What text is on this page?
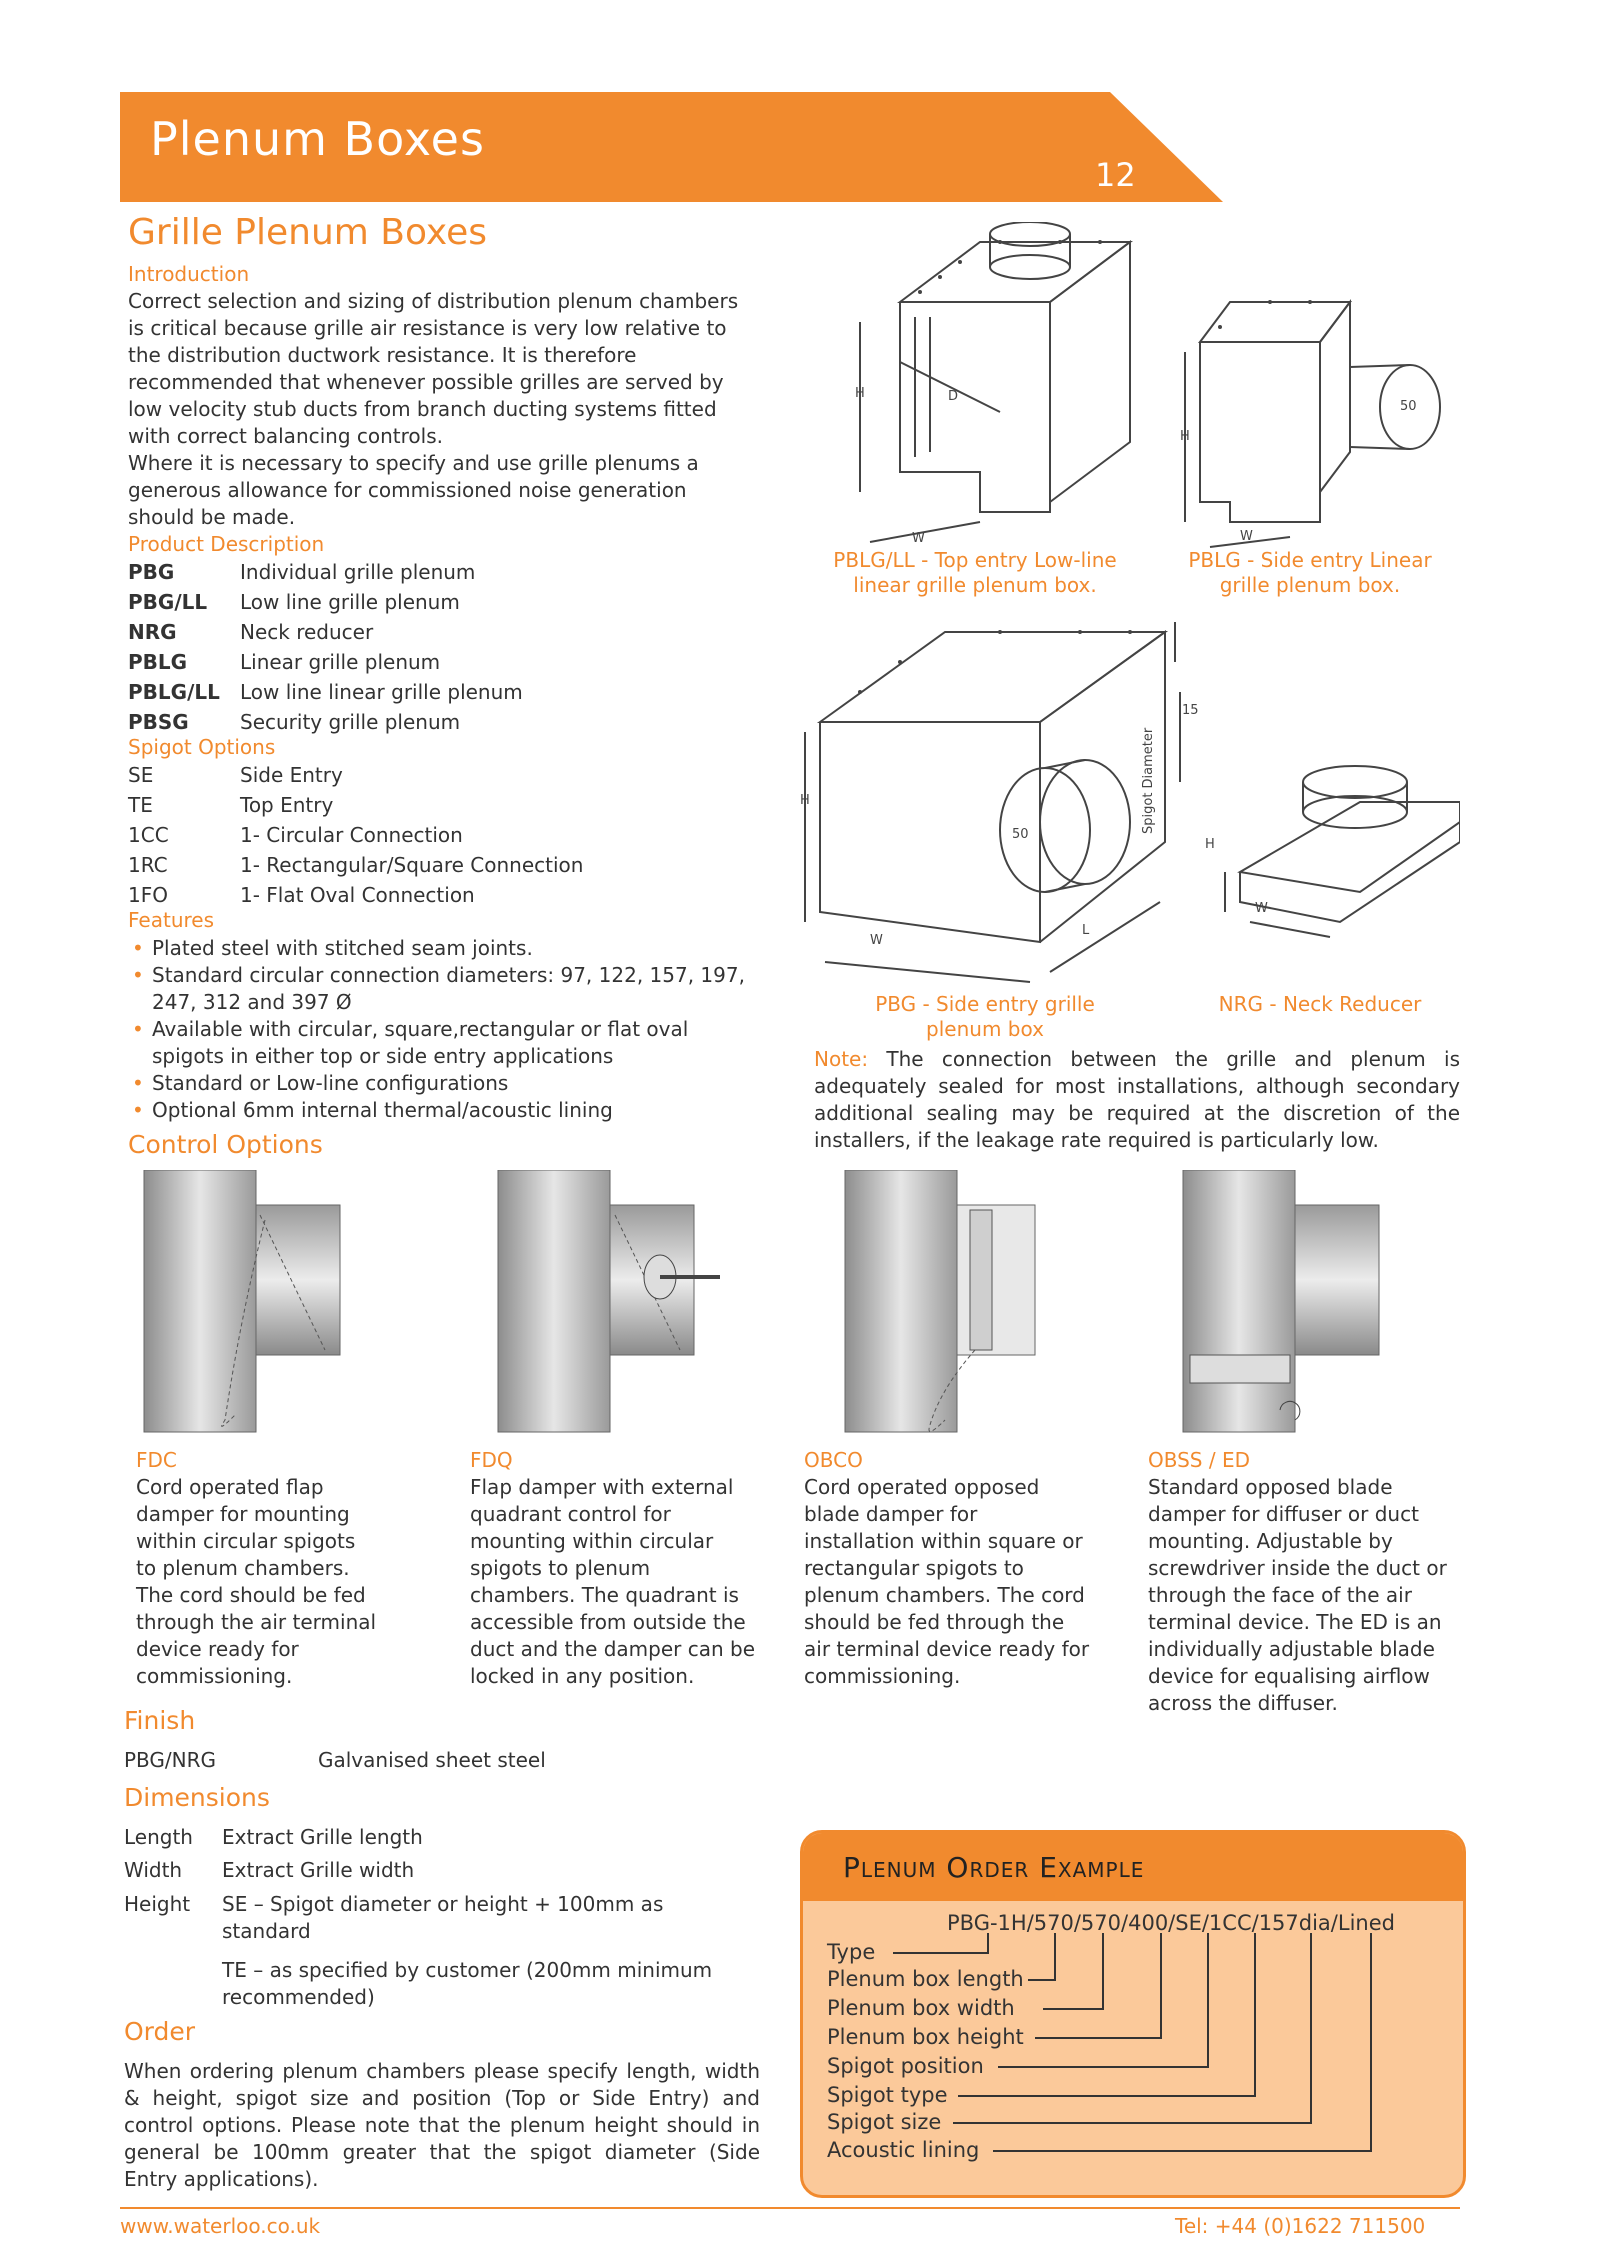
Plenum Boxes
12
Grille Plenum Boxes
Introduction
Correct selection and sizing of distribution plenum chambers is critical because grille air resistance is very low relative to the distribution ductwork resistance. It is therefore recommended that whenever possible grilles are served by low velocity stub ducts from branch ducting systems fitted with correct balancing controls.
Where it is necessary to specify and use grille plenums a generous allowance for commissioned noise generation should be made.
Product Description
PBG	Individual grille plenum
PBG/LL Low line grille plenum
NRG	Neck reducer
PBLG	Linear grille plenum
PBLG/LL Low line linear grille plenum
PBSG	Security grille plenum
Spigot Options
SE	Side Entry
TE	Top Entry
1CC	1- Circular Connection
1RC	1- Rectangular/Square Connection
1FO	1- Flat Oval Connection
Features
• Plated steel with stitched seam joints.
• Standard circular connection diameters: 97, 122, 157, 197, 247, 312 and 397 Ø
• Available with circular, square,rectangular or flat oval spigots in either top or side entry applications
• Standard or Low-line configurations
• Optional 6mm internal thermal/acoustic lining
H	D
W
H
W
50
H
W
L
50
15
Spigot Diameter
H
W
PBLG/LL - Top entry Low-line linear grille plenum box.
PBLG - Side entry Linear grille plenum box.
PBG - Side entry grille plenum box
NRG - Neck Reducer
Note: The connection between the grille and plenum is adequately sealed for most installations, although secondary additional sealing may be required at the discretion of the installers, if the leakage rate required is particularly low.
Control Options
FDC
Cord operated flap damper for mounting within circular spigots to plenum chambers. The cord should be fed through the air terminal device ready for commissioning.
FDQ
Flap damper with external quadrant control for mounting within circular spigots to plenum chambers. The quadrant is accessible from outside the duct and the damper can be locked in any position.
OBCO
Cord operated opposed blade damper for installation within square or rectangular spigots to plenum chambers. The cord should be fed through the air terminal device ready for commissioning.
OBSS / ED
Standard opposed blade damper for diffuser or duct mounting. Adjustable by screwdriver inside the duct or through the face of the air terminal device. The ED is an individually adjustable blade device for equalising airflow across the diffuser.
Finish
PBG/NRG	Galvanised sheet steel
Dimensions
Length Extract Grille length
Width Extract Grille width
Height SE – Spigot diameter or height + 100mm as standard
TE – as specified by customer (200mm minimum recommended)
Order
When ordering plenum chambers please specify length, width & height, spigot size and position (Top or Side Entry) and control options. Please note that the plenum height should in general be 100mm greater that the spigot diameter (Side Entry applications).
Plenum Order Example
PBG-1H/570/570/400/SE/1CC/157dia/Lined
Type
Plenum box length
Plenum box width
Plenum box height
Spigot position
Spigot type
Spigot size
Acoustic lining
www.waterloo.co.uk	Tel: +44 (0)1622 711500
